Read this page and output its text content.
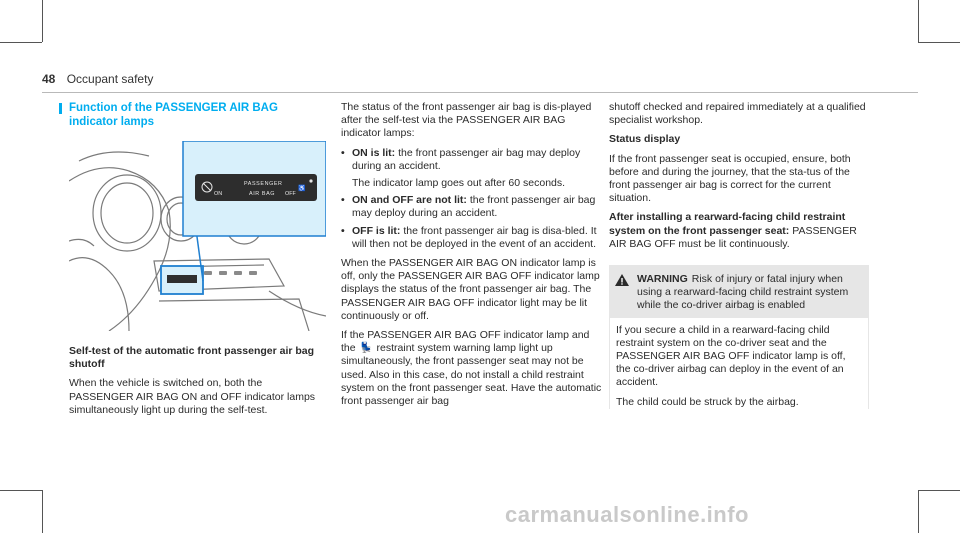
48 Occupant safety
Function of the PASSENGER AIR BAG indicator lamps
PASSENGER
ON	AIR BAG OFF
♿

Self-test of the automatic front passenger air bag shutoff

When the vehicle is switched on, both the PASSENGER AIR BAG ON and OFF indicator lamps simultaneously light up during the self-test.

The status of the front passenger air bag is dis-played after the self-test via the PASSENGER AIR BAG indicator lamps:

• ON is lit: the front passenger air bag may deploy during an accident.
The indicator lamp goes out after 60 seconds.
• ON and OFF are not lit: the front passenger air bag may deploy during an accident.
• OFF is lit: the front passenger air bag is disa-bled. It will then not be deployed in the event of an accident.

When the PASSENGER AIR BAG ON indicator lamp is off, only the PASSENGER AIR BAG OFF indicator lamp displays the status of the front passenger air bag. The PASSENGER AIR BAG OFF indicator light may be lit continuously or off.

If the PASSENGER AIR BAG OFF indicator lamp and the 💺 restraint system warning lamp light up simultaneously, the front passenger seat may not be used. Also in this case, do not install a child restraint system on the front passenger seat. Have the automatic front passenger air bag

shutoff checked and repaired immediately at a qualified specialist workshop.

Status display

If the front passenger seat is occupied, ensure, both before and during the journey, that the sta-tus of the front passenger air bag is correct for the current situation.

After installing a rearward-facing child restraint system on the front passenger seat: PASSENGER AIR BAG OFF must be lit continuously.

WARNING Risk of injury or fatal injury when using a rearward-facing child restraint system while the co-driver airbag is enabled

If you secure a child in a rearward-facing child restraint system on the co-driver seat and the PASSENGER AIR BAG OFF indicator lamp is off, the co-driver airbag can deploy in the event of an accident.

The child could be struck by the airbag.

carmanualsonline.info
